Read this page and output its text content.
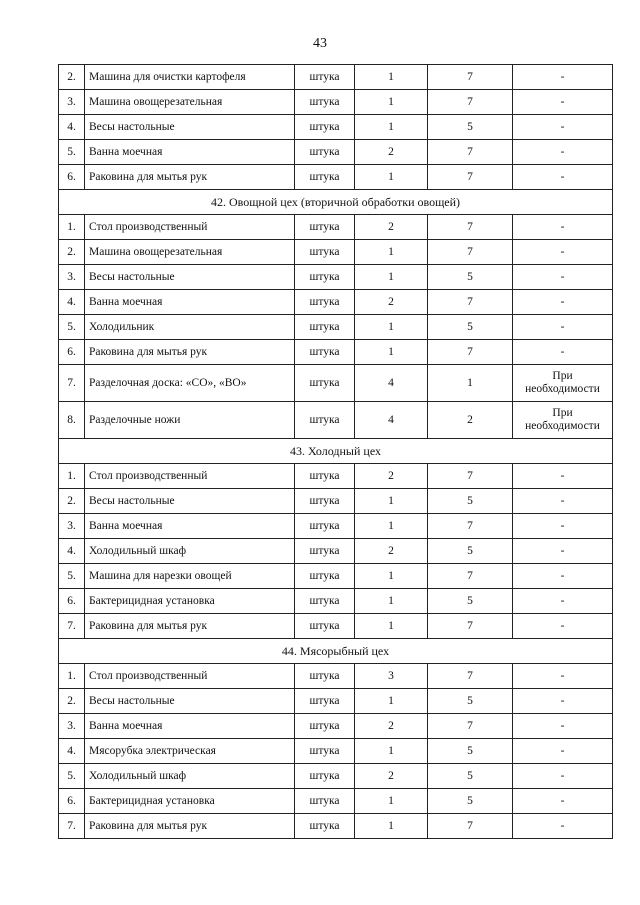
43
2.	Машина для очистки картофеля	штука	1	7	-
3.	Машина овощерезательная	штука	1	7	-
4.	Весы настольные	штука	1	5	-
5.	Ванна моечная	штука	2	7	-
6.	Раковина для мытья рук	штука	1	7	-
42. Овощной цех (вторичной обработки овощей)					
1.	Стол производственный	штука	2	7	-
2.	Машина овощерезательная	штука	1	7	-
3.	Весы настольные	штука	1	5	-
4.	Ванна моечная	штука	2	7	-
5.	Холодильник	штука	1	5	-
6.	Раковина для мытья рук	штука	1	7	-
7.	Разделочная доска: «СО», «ВО»	штука	4	1	При необходимости
8.	Разделочные ножи	штука	4	2	При необходимости
43. Холодный цех					
1.	Стол производственный	штука	2	7	-
2.	Весы настольные	штука	1	5	-
3.	Ванна моечная	штука	1	7	-
4.	Холодильный шкаф	штука	2	5	-
5.	Машина для нарезки овощей	штука	1	7	-
6.	Бактерицидная установка	штука	1	5	-
7.	Раковина для мытья рук	штука	1	7	-
44. Мясорыбный цех					
1.	Стол производственный	штука	3	7	-
2.	Весы настольные	штука	1	5	-
3.	Ванна моечная	штука	2	7	-
4.	Мясорубка электрическая	штука	1	5	-
5.	Холодильный шкаф	штука	2	5	-
6.	Бактерицидная установка	штука	1	5	-
7.	Раковина для мытья рук	штука	1	7	-
